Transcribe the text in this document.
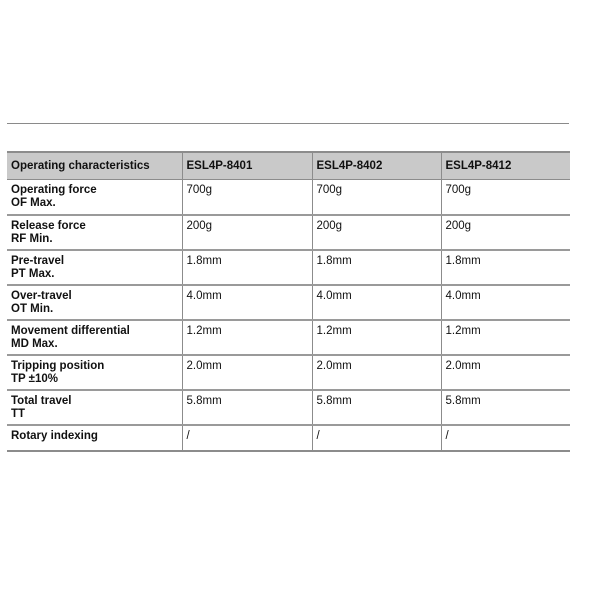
Operating characteristics	ESL4P-8401	ESL4P-8402	ESL4P-8412

Operating force
OF Max.	700g	700g	700g

Release force
RF Min.	200g	200g	200g

Pre-travel
PT Max.	1.8mm	1.8mm	1.8mm

Over-travel
OT Min.	4.0mm	4.0mm	4.0mm

Movement differential
MD Max.	1.2mm	1.2mm	1.2mm

Tripping position
TP ±10%	2.0mm	2.0mm	2.0mm

Total travel
TT	5.8mm	5.8mm	5.8mm

Rotary indexing	/	/	/
